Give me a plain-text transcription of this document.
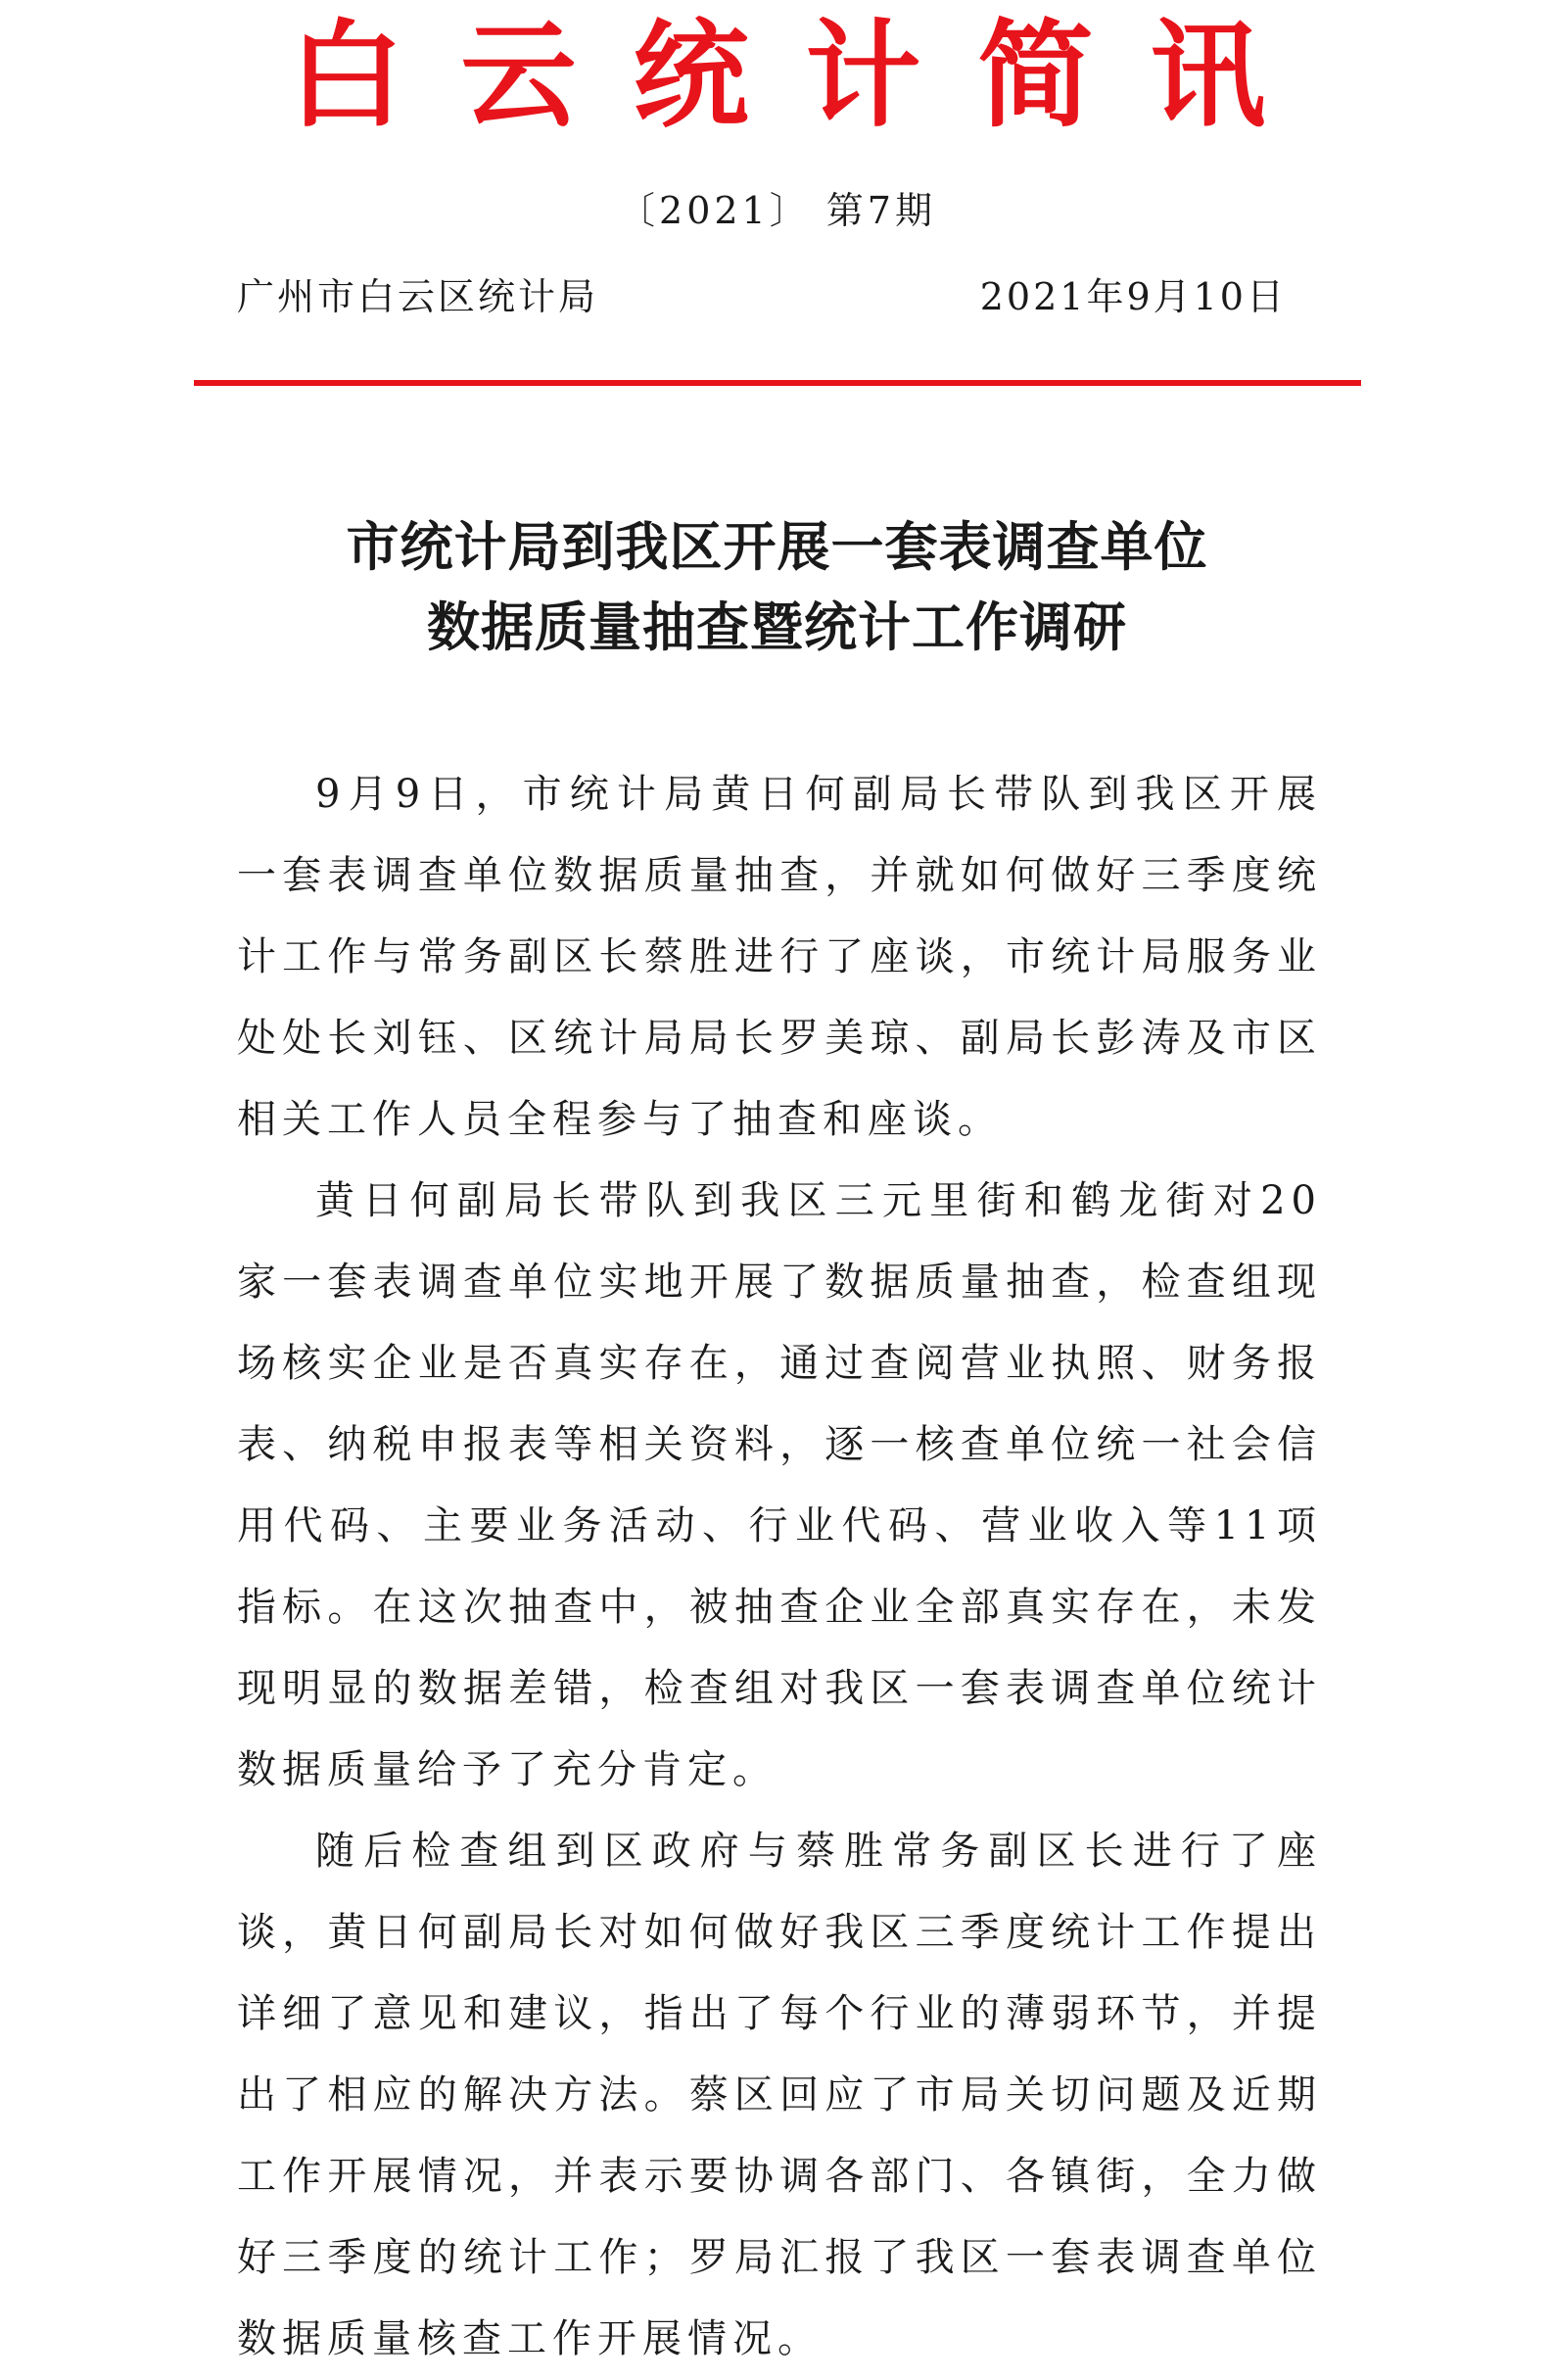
白云统计简讯
〔2021〕 第7期
广州市白云区统计局	2021年9月10日
市统计局到我区开展一套表调查单位
数据质量抽查暨统计工作调研

9月9日，市统计局黄日何副局长带队到我区开展一套表调查单位数据质量抽查，并就如何做好三季度统计工作与常务副区长蔡胜进行了座谈，市统计局服务业处处长刘钰、区统计局局长罗美琼、副局长彭涛及市区相关工作人员全程参与了抽查和座谈。

黄日何副局长带队到我区三元里街和鹤龙街对20家一套表调查单位实地开展了数据质量抽查，检查组现场核实企业是否真实存在，通过查阅营业执照、财务报表、纳税申报表等相关资料，逐一核查单位统一社会信用代码、主要业务活动、行业代码、营业收入等11项指标。在这次抽查中，被抽查企业全部真实存在，未发现明显的数据差错，检查组对我区一套表调查单位统计数据质量给予了充分肯定。

随后检查组到区政府与蔡胜常务副区长进行了座谈，黄日何副局长对如何做好我区三季度统计工作提出详细了意见和建议，指出了每个行业的薄弱环节，并提出了相应的解决方法。蔡区回应了市局关切问题及近期工作开展情况，并表示要协调各部门、各镇街，全力做好三季度的统计工作；罗局汇报了我区一套表调查单位数据质量核查工作开展情况。
